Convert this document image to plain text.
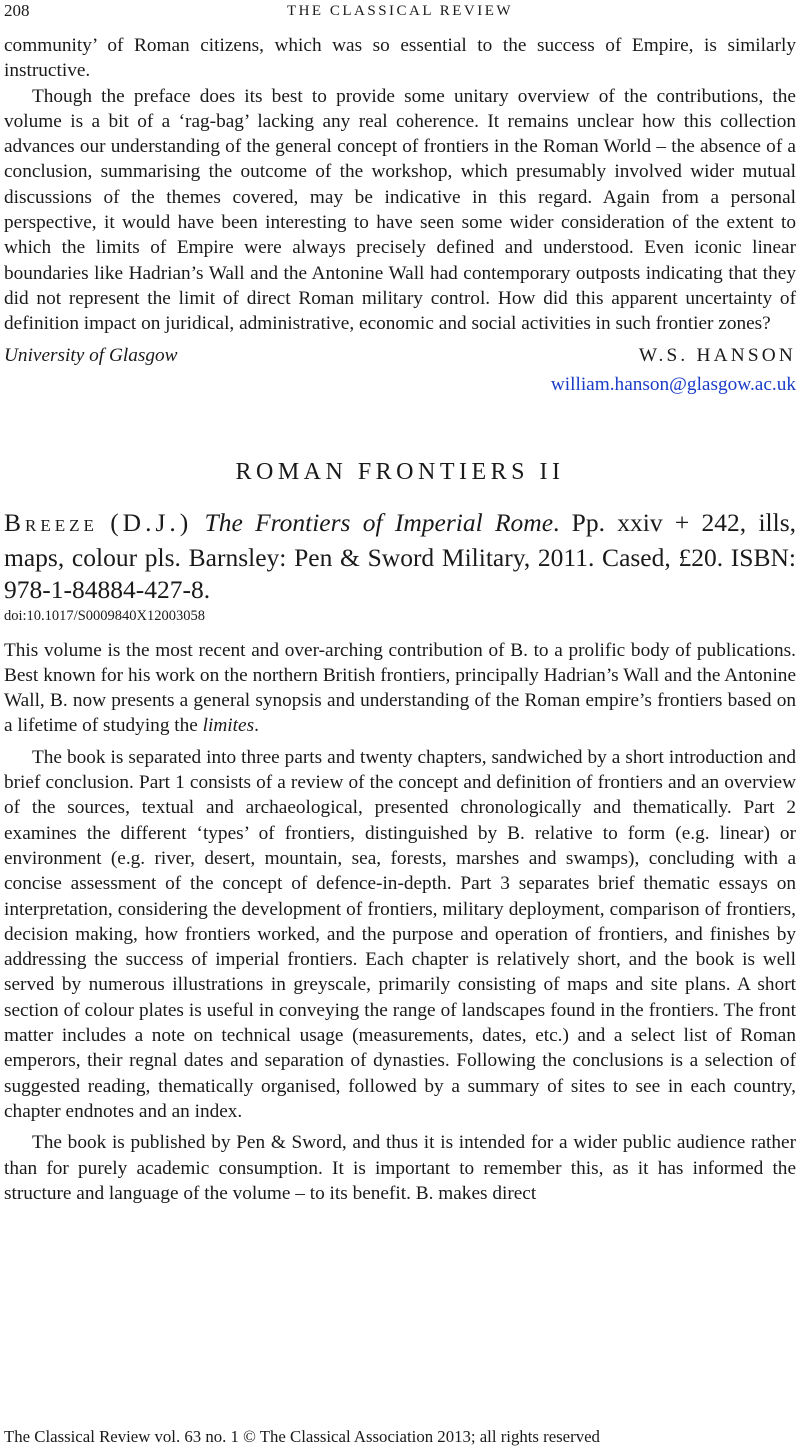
208	THE CLASSICAL REVIEW

community’ of Roman citizens, which was so essential to the success of Empire, is similarly instructive.

Though the preface does its best to provide some unitary overview of the contributions, the volume is a bit of a ‘rag-bag’ lacking any real coherence. It remains unclear how this collection advances our understanding of the general concept of frontiers in the Roman World – the absence of a conclusion, summarising the outcome of the workshop, which presumably involved wider mutual discussions of the themes covered, may be indicative in this regard. Again from a personal perspective, it would have been interesting to have seen some wider consideration of the extent to which the limits of Empire were always precisely defined and understood. Even iconic linear boundaries like Hadrian’s Wall and the Antonine Wall had contemporary outposts indicating that they did not represent the limit of direct Roman military control. How did this apparent uncertainty of definition impact on juridical, administrative, economic and social activities in such frontier zones?

University of Glasgow	W.S. HANSON
william.hanson@glasgow.ac.uk
ROMAN FRONTIERS II
BREEZE (D.J.) The Frontiers of Imperial Rome. Pp. xxiv + 242, ills, maps, colour pls. Barnsley: Pen & Sword Military, 2011. Cased, £20. ISBN: 978-1-84884-427-8.
doi:10.1017/S0009840X12003058

This volume is the most recent and over-arching contribution of B. to a prolific body of publications. Best known for his work on the northern British frontiers, principally Hadrian’s Wall and the Antonine Wall, B. now presents a general synopsis and understanding of the Roman empire’s frontiers based on a lifetime of studying the limites.

The book is separated into three parts and twenty chapters, sandwiched by a short introduction and brief conclusion. Part 1 consists of a review of the concept and definition of frontiers and an overview of the sources, textual and archaeological, presented chronologically and thematically. Part 2 examines the different ‘types’ of frontiers, distinguished by B. relative to form (e.g. linear) or environment (e.g. river, desert, mountain, sea, forests, marshes and swamps), concluding with a concise assessment of the concept of defence-in-depth. Part 3 separates brief thematic essays on interpretation, considering the development of frontiers, military deployment, comparison of frontiers, decision making, how frontiers worked, and the purpose and operation of frontiers, and finishes by addressing the success of imperial frontiers. Each chapter is relatively short, and the book is well served by numerous illustrations in greyscale, primarily consisting of maps and site plans. A short section of colour plates is useful in conveying the range of landscapes found in the frontiers. The front matter includes a note on technical usage (measurements, dates, etc.) and a select list of Roman emperors, their regnal dates and separation of dynasties. Following the conclusions is a selection of suggested reading, thematically organised, followed by a summary of sites to see in each country, chapter endnotes and an index.

The book is published by Pen & Sword, and thus it is intended for a wider public audience rather than for purely academic consumption. It is important to remember this, as it has informed the structure and language of the volume – to its benefit. B. makes direct

The Classical Review vol. 63 no. 1 © The Classical Association 2013; all rights reserved
